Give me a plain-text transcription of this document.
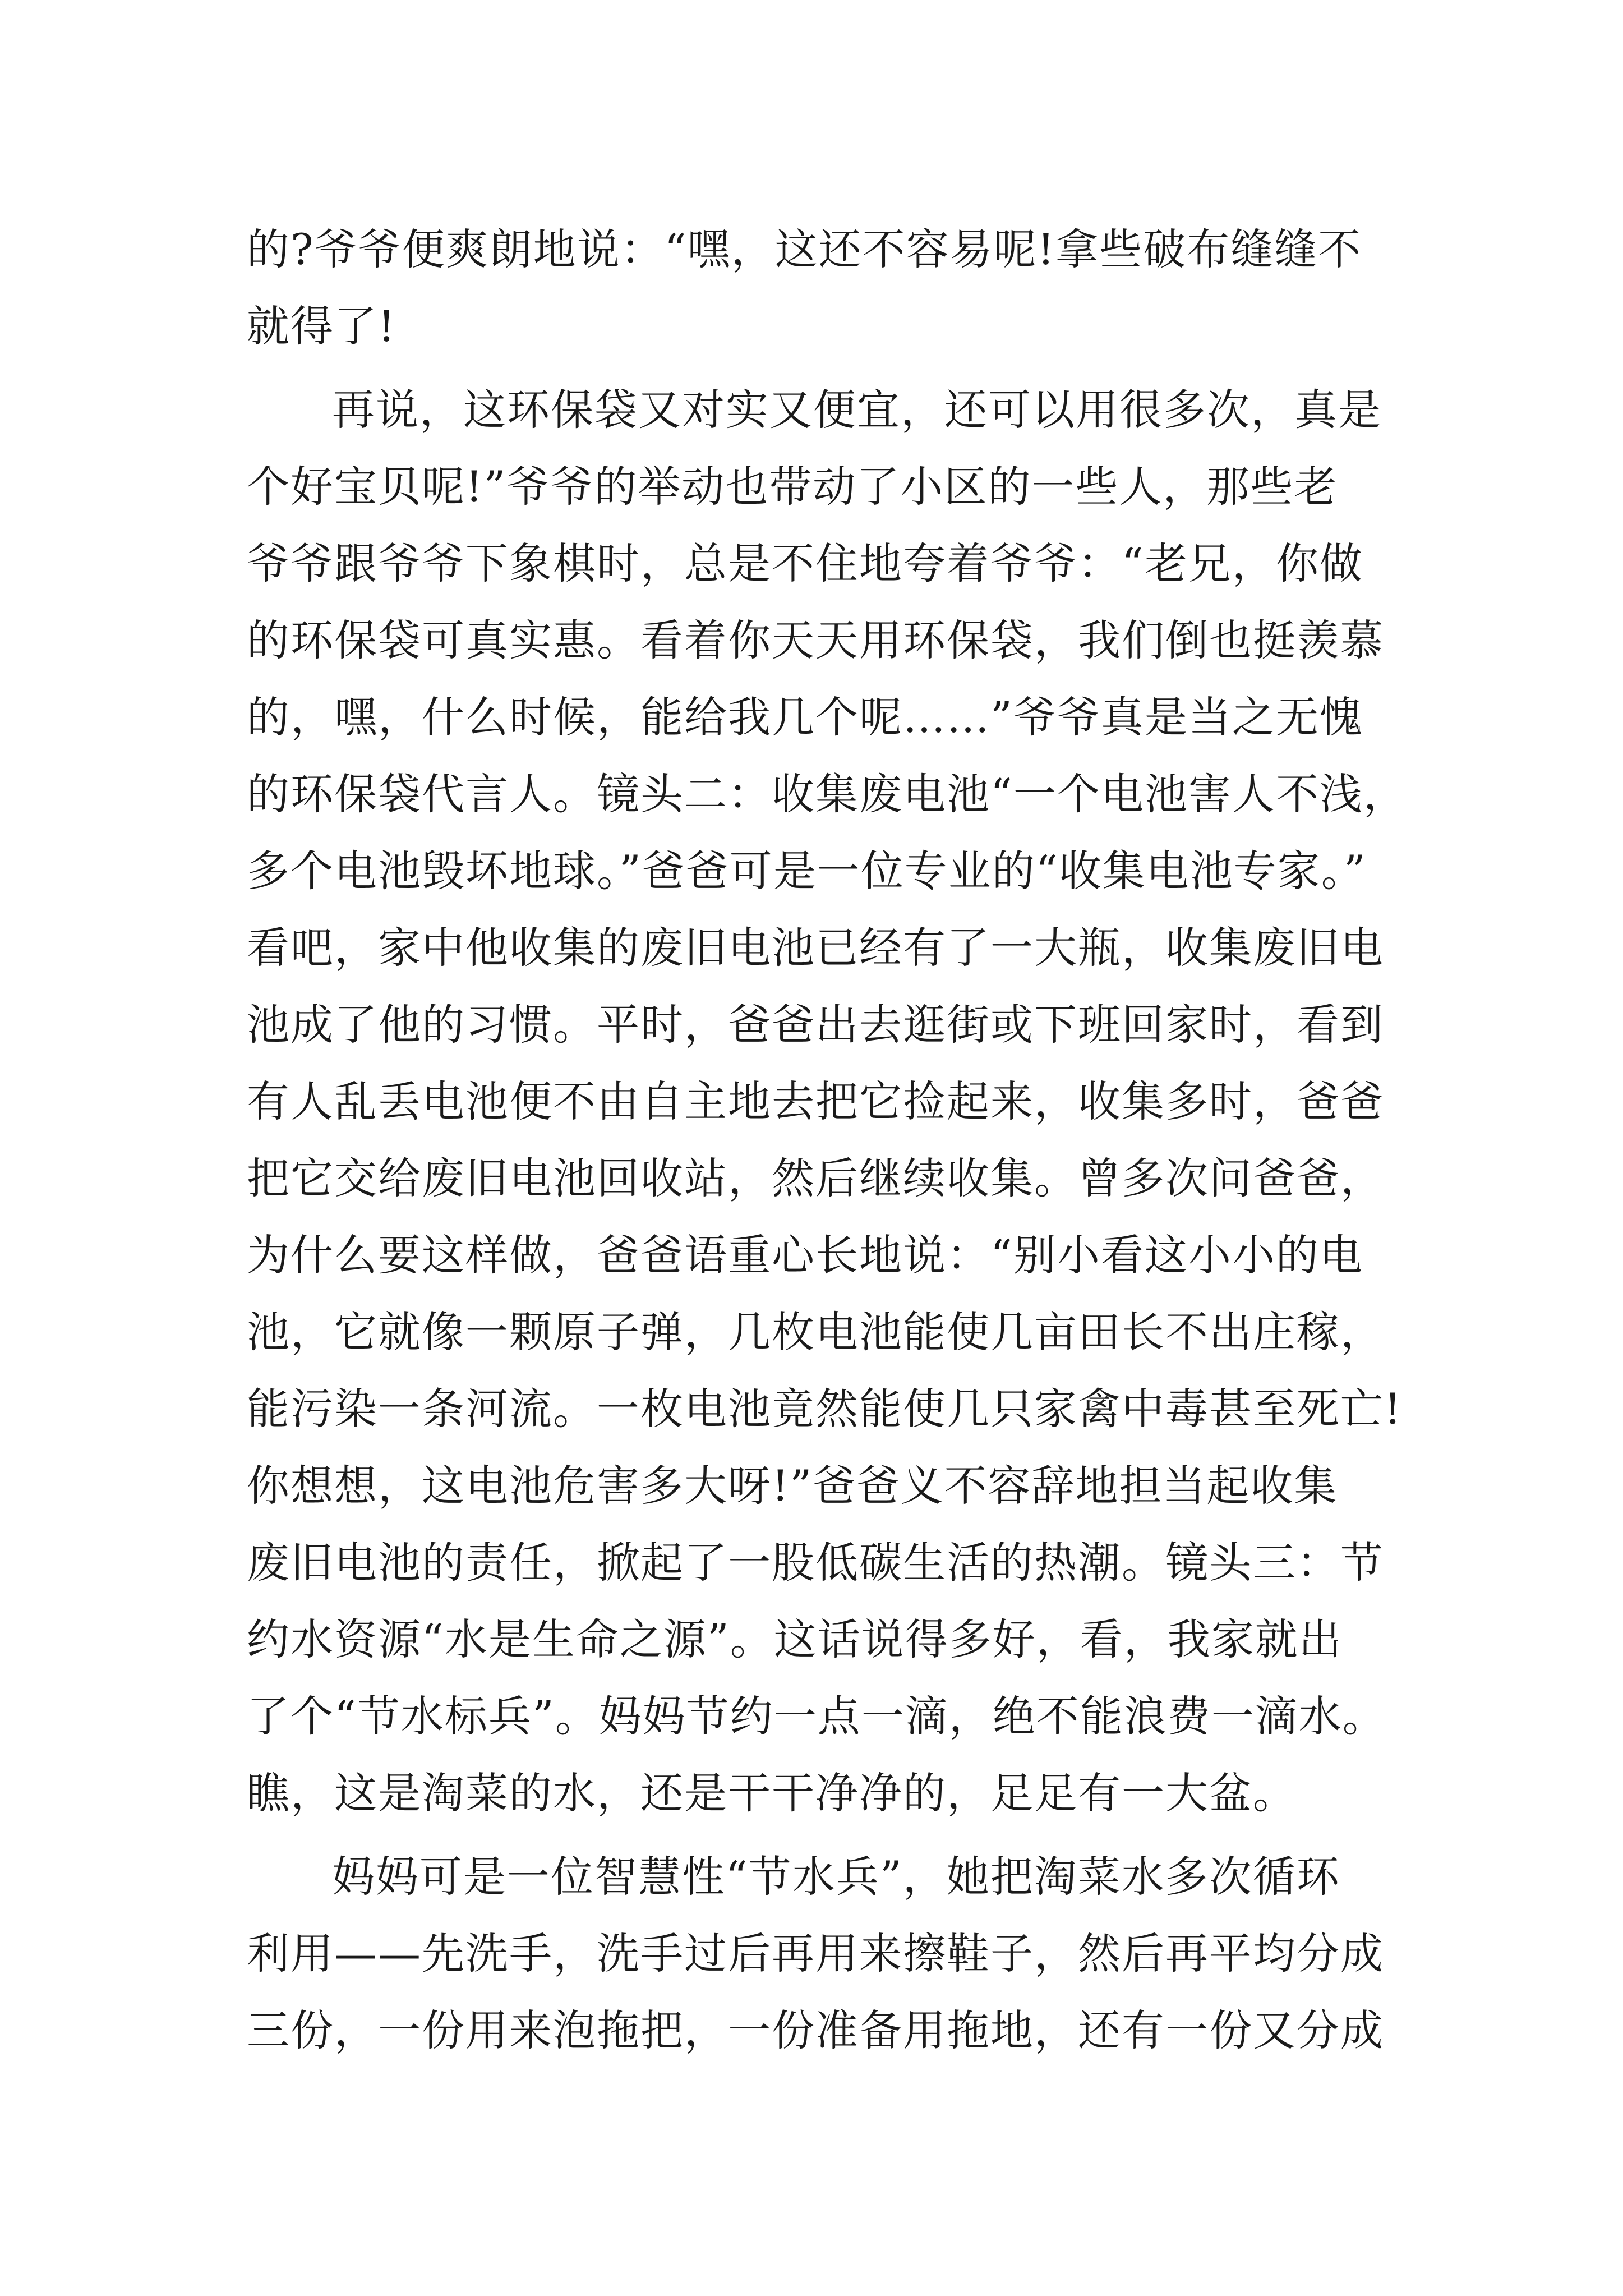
的?爷爷便爽朗地说：“嘿，这还不容易呢!拿些破布缝缝不
就得了!
再说，这环保袋又对实又便宜，还可以用很多次，真是
个好宝贝呢!”爷爷的举动也带动了小区的一些人，那些老
爷爷跟爷爷下象棋时，总是不住地夸着爷爷：“老兄，你做
的环保袋可真实惠。看着你天天用环保袋，我们倒也挺羡慕
的，嘿，什么时候，能给我几个呢……”爷爷真是当之无愧
的环保袋代言人。镜头二：收集废电池“一个电池害人不浅，
多个电池毁坏地球。”爸爸可是一位专业的“收集电池专家。”
看吧，家中他收集的废旧电池已经有了一大瓶，收集废旧电
池成了他的习惯。平时，爸爸出去逛街或下班回家时，看到
有人乱丢电池便不由自主地去把它捡起来，收集多时，爸爸
把它交给废旧电池回收站，然后继续收集。曾多次问爸爸，
为什么要这样做，爸爸语重心长地说：“别小看这小小的电
池，它就像一颗原子弹，几枚电池能使几亩田长不出庄稼，
能污染一条河流。一枚电池竟然能使几只家禽中毒甚至死亡!
你想想，这电池危害多大呀!”爸爸义不容辞地担当起收集
废旧电池的责任，掀起了一股低碳生活的热潮。镜头三：节
约水资源“水是生命之源”。这话说得多好，看，我家就出
了个“节水标兵”。妈妈节约一点一滴，绝不能浪费一滴水。
瞧，这是淘菜的水，还是干干净净的，足足有一大盆。
妈妈可是一位智慧性“节水兵”，她把淘菜水多次循环
利用——先洗手，洗手过后再用来擦鞋子，然后再平均分成
三份，一份用来泡拖把，一份准备用拖地，还有一份又分成
